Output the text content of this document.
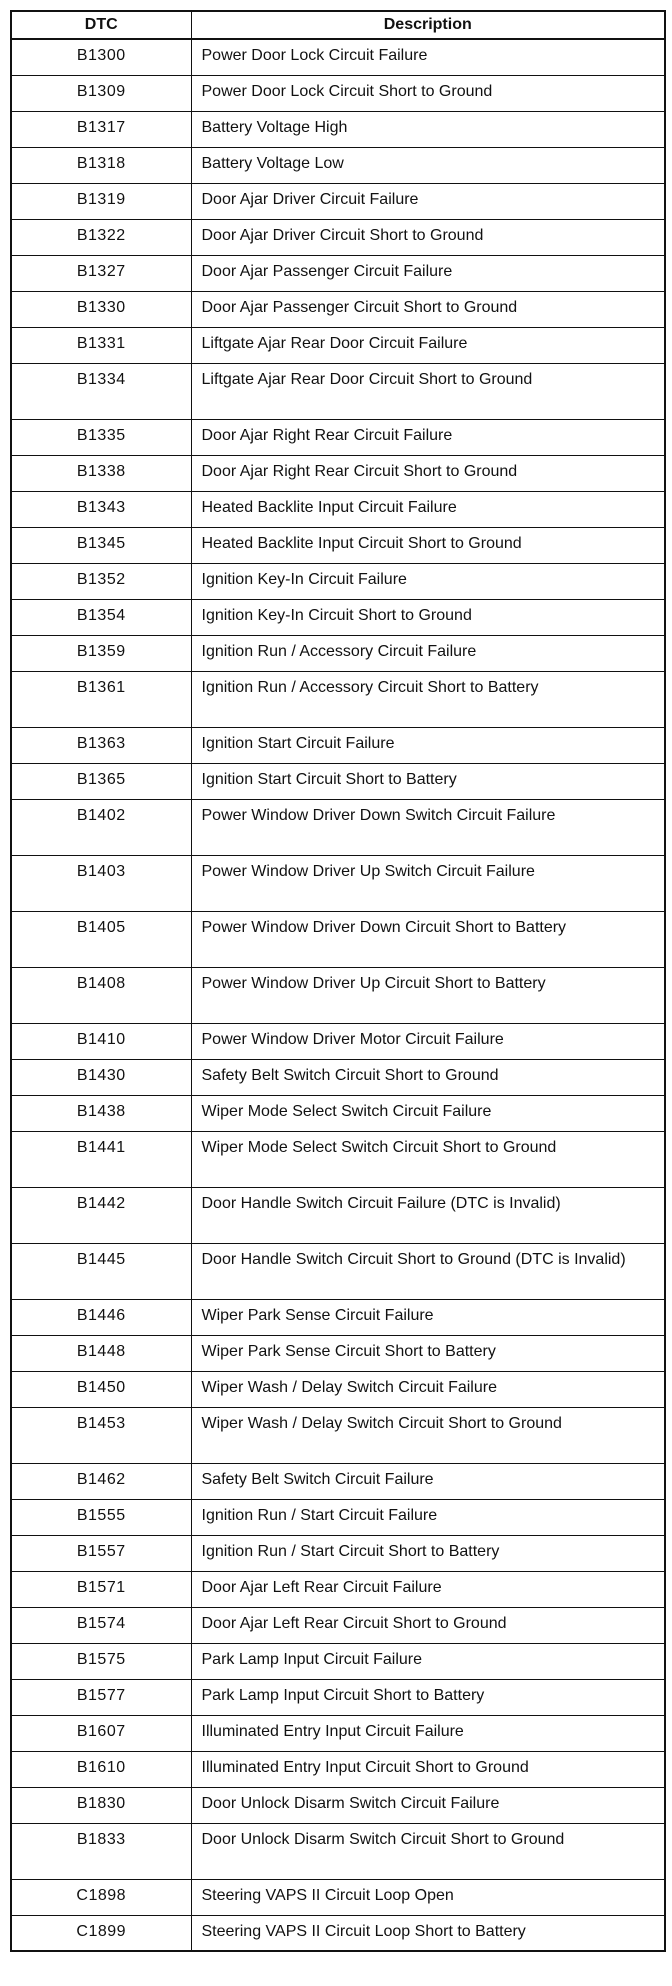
DTC	Description
B1300	Power Door Lock Circuit Failure
B1309	Power Door Lock Circuit Short to Ground
B1317	Battery Voltage High
B1318	Battery Voltage Low
B1319	Door Ajar Driver Circuit Failure
B1322	Door Ajar Driver Circuit Short to Ground
B1327	Door Ajar Passenger Circuit Failure
B1330	Door Ajar Passenger Circuit Short to Ground
B1331	Liftgate Ajar Rear Door Circuit Failure
B1334	Liftgate Ajar Rear Door Circuit Short to Ground
B1335	Door Ajar Right Rear Circuit Failure
B1338	Door Ajar Right Rear Circuit Short to Ground
B1343	Heated Backlite Input Circuit Failure
B1345	Heated Backlite Input Circuit Short to Ground
B1352	Ignition Key-In Circuit Failure
B1354	Ignition Key-In Circuit Short to Ground
B1359	Ignition Run / Accessory Circuit Failure
B1361	Ignition Run / Accessory Circuit Short to Battery
B1363	Ignition Start Circuit Failure
B1365	Ignition Start Circuit Short to Battery
B1402	Power Window Driver Down Switch Circuit Failure
B1403	Power Window Driver Up Switch Circuit Failure
B1405	Power Window Driver Down Circuit Short to Battery
B1408	Power Window Driver Up Circuit Short to Battery
B1410	Power Window Driver Motor Circuit Failure
B1430	Safety Belt Switch Circuit Short to Ground
B1438	Wiper Mode Select Switch Circuit Failure
B1441	Wiper Mode Select Switch Circuit Short to Ground
B1442	Door Handle Switch Circuit Failure (DTC is Invalid)
B1445	Door Handle Switch Circuit Short to Ground (DTC is Invalid)
B1446	Wiper Park Sense Circuit Failure
B1448	Wiper Park Sense Circuit Short to Battery
B1450	Wiper Wash / Delay Switch Circuit Failure
B1453	Wiper Wash / Delay Switch Circuit Short to Ground
B1462	Safety Belt Switch Circuit Failure
B1555	Ignition Run / Start Circuit Failure
B1557	Ignition Run / Start Circuit Short to Battery
B1571	Door Ajar Left Rear Circuit Failure
B1574	Door Ajar Left Rear Circuit Short to Ground
B1575	Park Lamp Input Circuit Failure
B1577	Park Lamp Input Circuit Short to Battery
B1607	Illuminated Entry Input Circuit Failure
B1610	Illuminated Entry Input Circuit Short to Ground
B1830	Door Unlock Disarm Switch Circuit Failure
B1833	Door Unlock Disarm Switch Circuit Short to Ground
C1898	Steering VAPS II Circuit Loop Open
C1899	Steering VAPS II Circuit Loop Short to Battery
